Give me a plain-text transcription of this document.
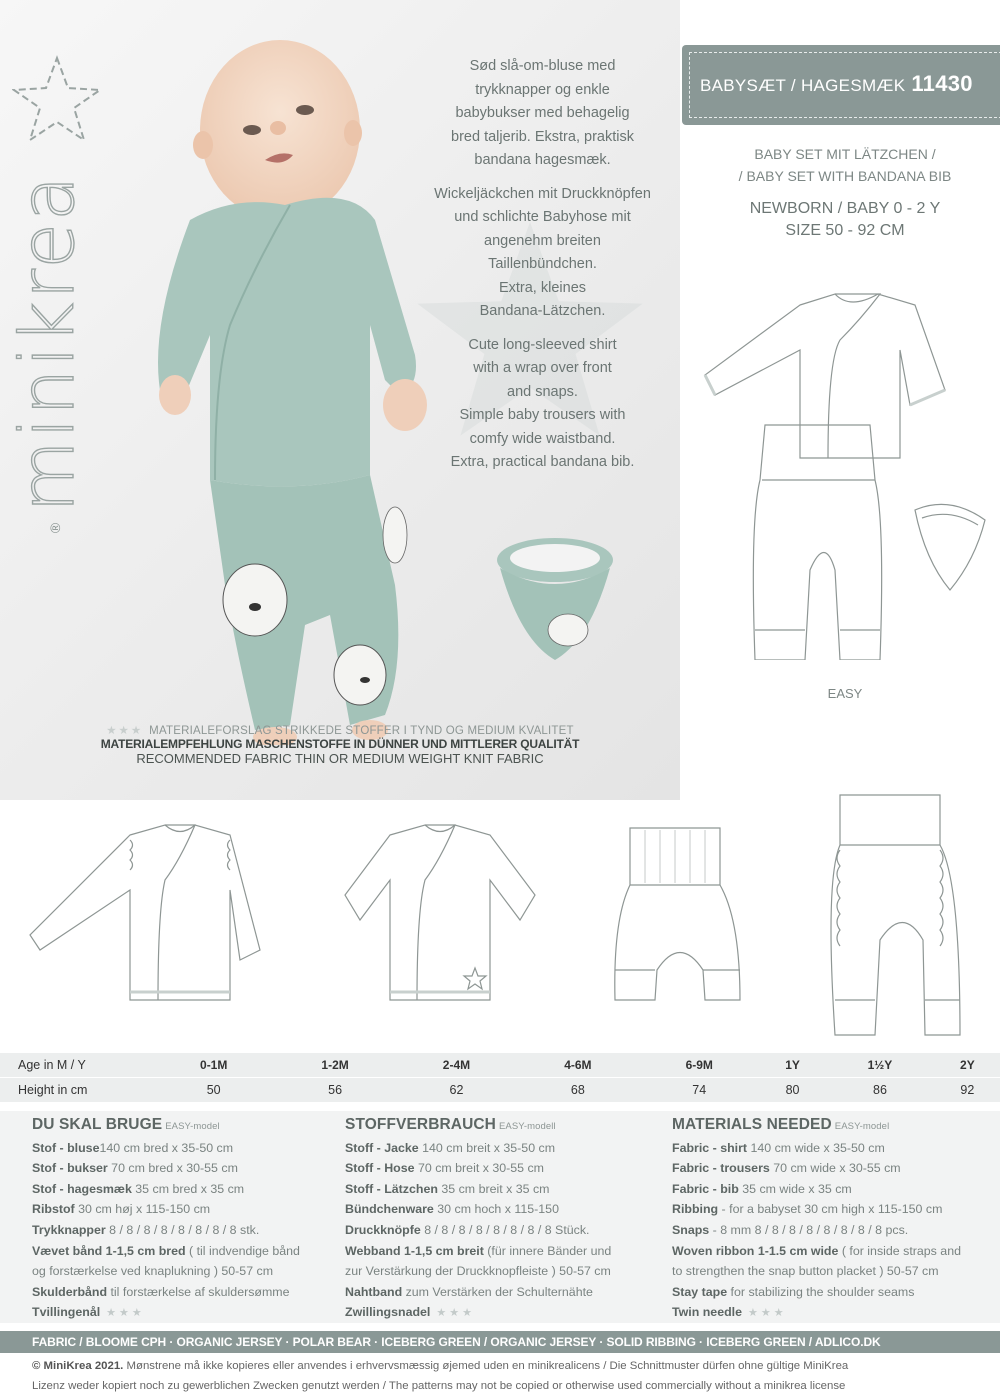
minikrea
®

Sød slå-om-bluse med
trykknapper og enkle
babybukser med behagelig
bred taljerib. Ekstra, praktisk
bandana hagesmæk.

Wickeljäckchen mit Druckknöpfen
und schlichte Babyhose mit
angenehm breiten
Taillenbündchen.
Extra, kleines
Bandana-Lätzchen.

Cute long-sleeved shirt
with a wrap over front
and snaps.
Simple baby trousers with
comfy wide waistband.
Extra, practical bandana bib.

★★★ MATERIALEFORSLAG STRIKKEDE STOFFER I TYND OG MEDIUM KVALITET
MATERIALEMPFEHLUNG MASCHENSTOFFE IN DÜNNER UND MITTLERER QUALITÄT
RECOMMENDED FABRIC THIN OR MEDIUM WEIGHT KNIT FABRIC
BABYSÆT / HAGESMÆK 11430
BABY SET MIT LÄTZCHEN /
/ BABY SET WITH BANDANA BIB
NEWBORN / BABY 0 - 2 Y
SIZE 50 - 92 CM
EASY
Age in M / Y	0-1M	1-2M	2-4M	4-6M	6-9M	1Y	1½Y	2Y
Height in cm	50	56	62	68	74	80	86	92
DU SKAL BRUGE EASY-model
Stof - bluse140 cm bred x 35-50 cm
Stof - bukser 70 cm bred x 30-55 cm
Stof - hagesmæk 35 cm bred x 35 cm
Ribstof 30 cm høj x 115-150 cm
Trykknapper 8 / 8 / 8 / 8 / 8 / 8 / 8 / 8 stk.
Vævet bånd 1-1,5 cm bred ( til indvendige bånd
og forstærkelse ved knaplukning ) 50-57 cm
Skulderbånd til forstærkelse af skuldersømme
Tvillingenål ★★★
STOFFVERBRAUCH EASY-modell
Stoff - Jacke 140 cm breit x 35-50 cm
Stoff - Hose 70 cm breit x 30-55 cm
Stoff - Lätzchen 35 cm breit x 35 cm
Bündchenware 30 cm hoch x 115-150
Druckknöpfe 8 / 8 / 8 / 8 / 8 / 8 / 8 / 8 Stück.
Webband 1-1,5 cm breit (für innere Bänder und
zur Verstärkung der Druckknopfleiste ) 50-57 cm
Nahtband zum Verstärken der Schulternähte
Zwillingsnadel ★★★
MATERIALS NEEDED EASY-model
Fabric - shirt 140 cm wide x 35-50 cm
Fabric - trousers 70 cm wide x 30-55 cm
Fabric - bib 35 cm wide x 35 cm
Ribbing - for a babyset 30 cm high x 115-150 cm
Snaps - 8 mm 8 / 8 / 8 / 8 / 8 / 8 / 8 / 8 pcs.
Woven ribbon 1-1.5 cm wide ( for inside straps and
to strengthen the snap button placket ) 50-57 cm
Stay tape for stabilizing the shoulder seams
Twin needle ★★★
FABRIC / BLOOME CPH · ORGANIC JERSEY · POLAR BEAR · ICEBERG GREEN / ORGANIC JERSEY · SOLID RIBBING · ICEBERG GREEN / ADLICO.DK
© MiniKrea 2021. Mønstrene må ikke kopieres eller anvendes i erhvervsmæssig øjemed uden en minikrealicens / Die Schnittmuster dürfen ohne gültige MiniKrea
Lizenz weder kopiert noch zu gewerblichen Zwecken genutzt werden / The patterns may not be copied or otherwise used commercially without a minikrea license
